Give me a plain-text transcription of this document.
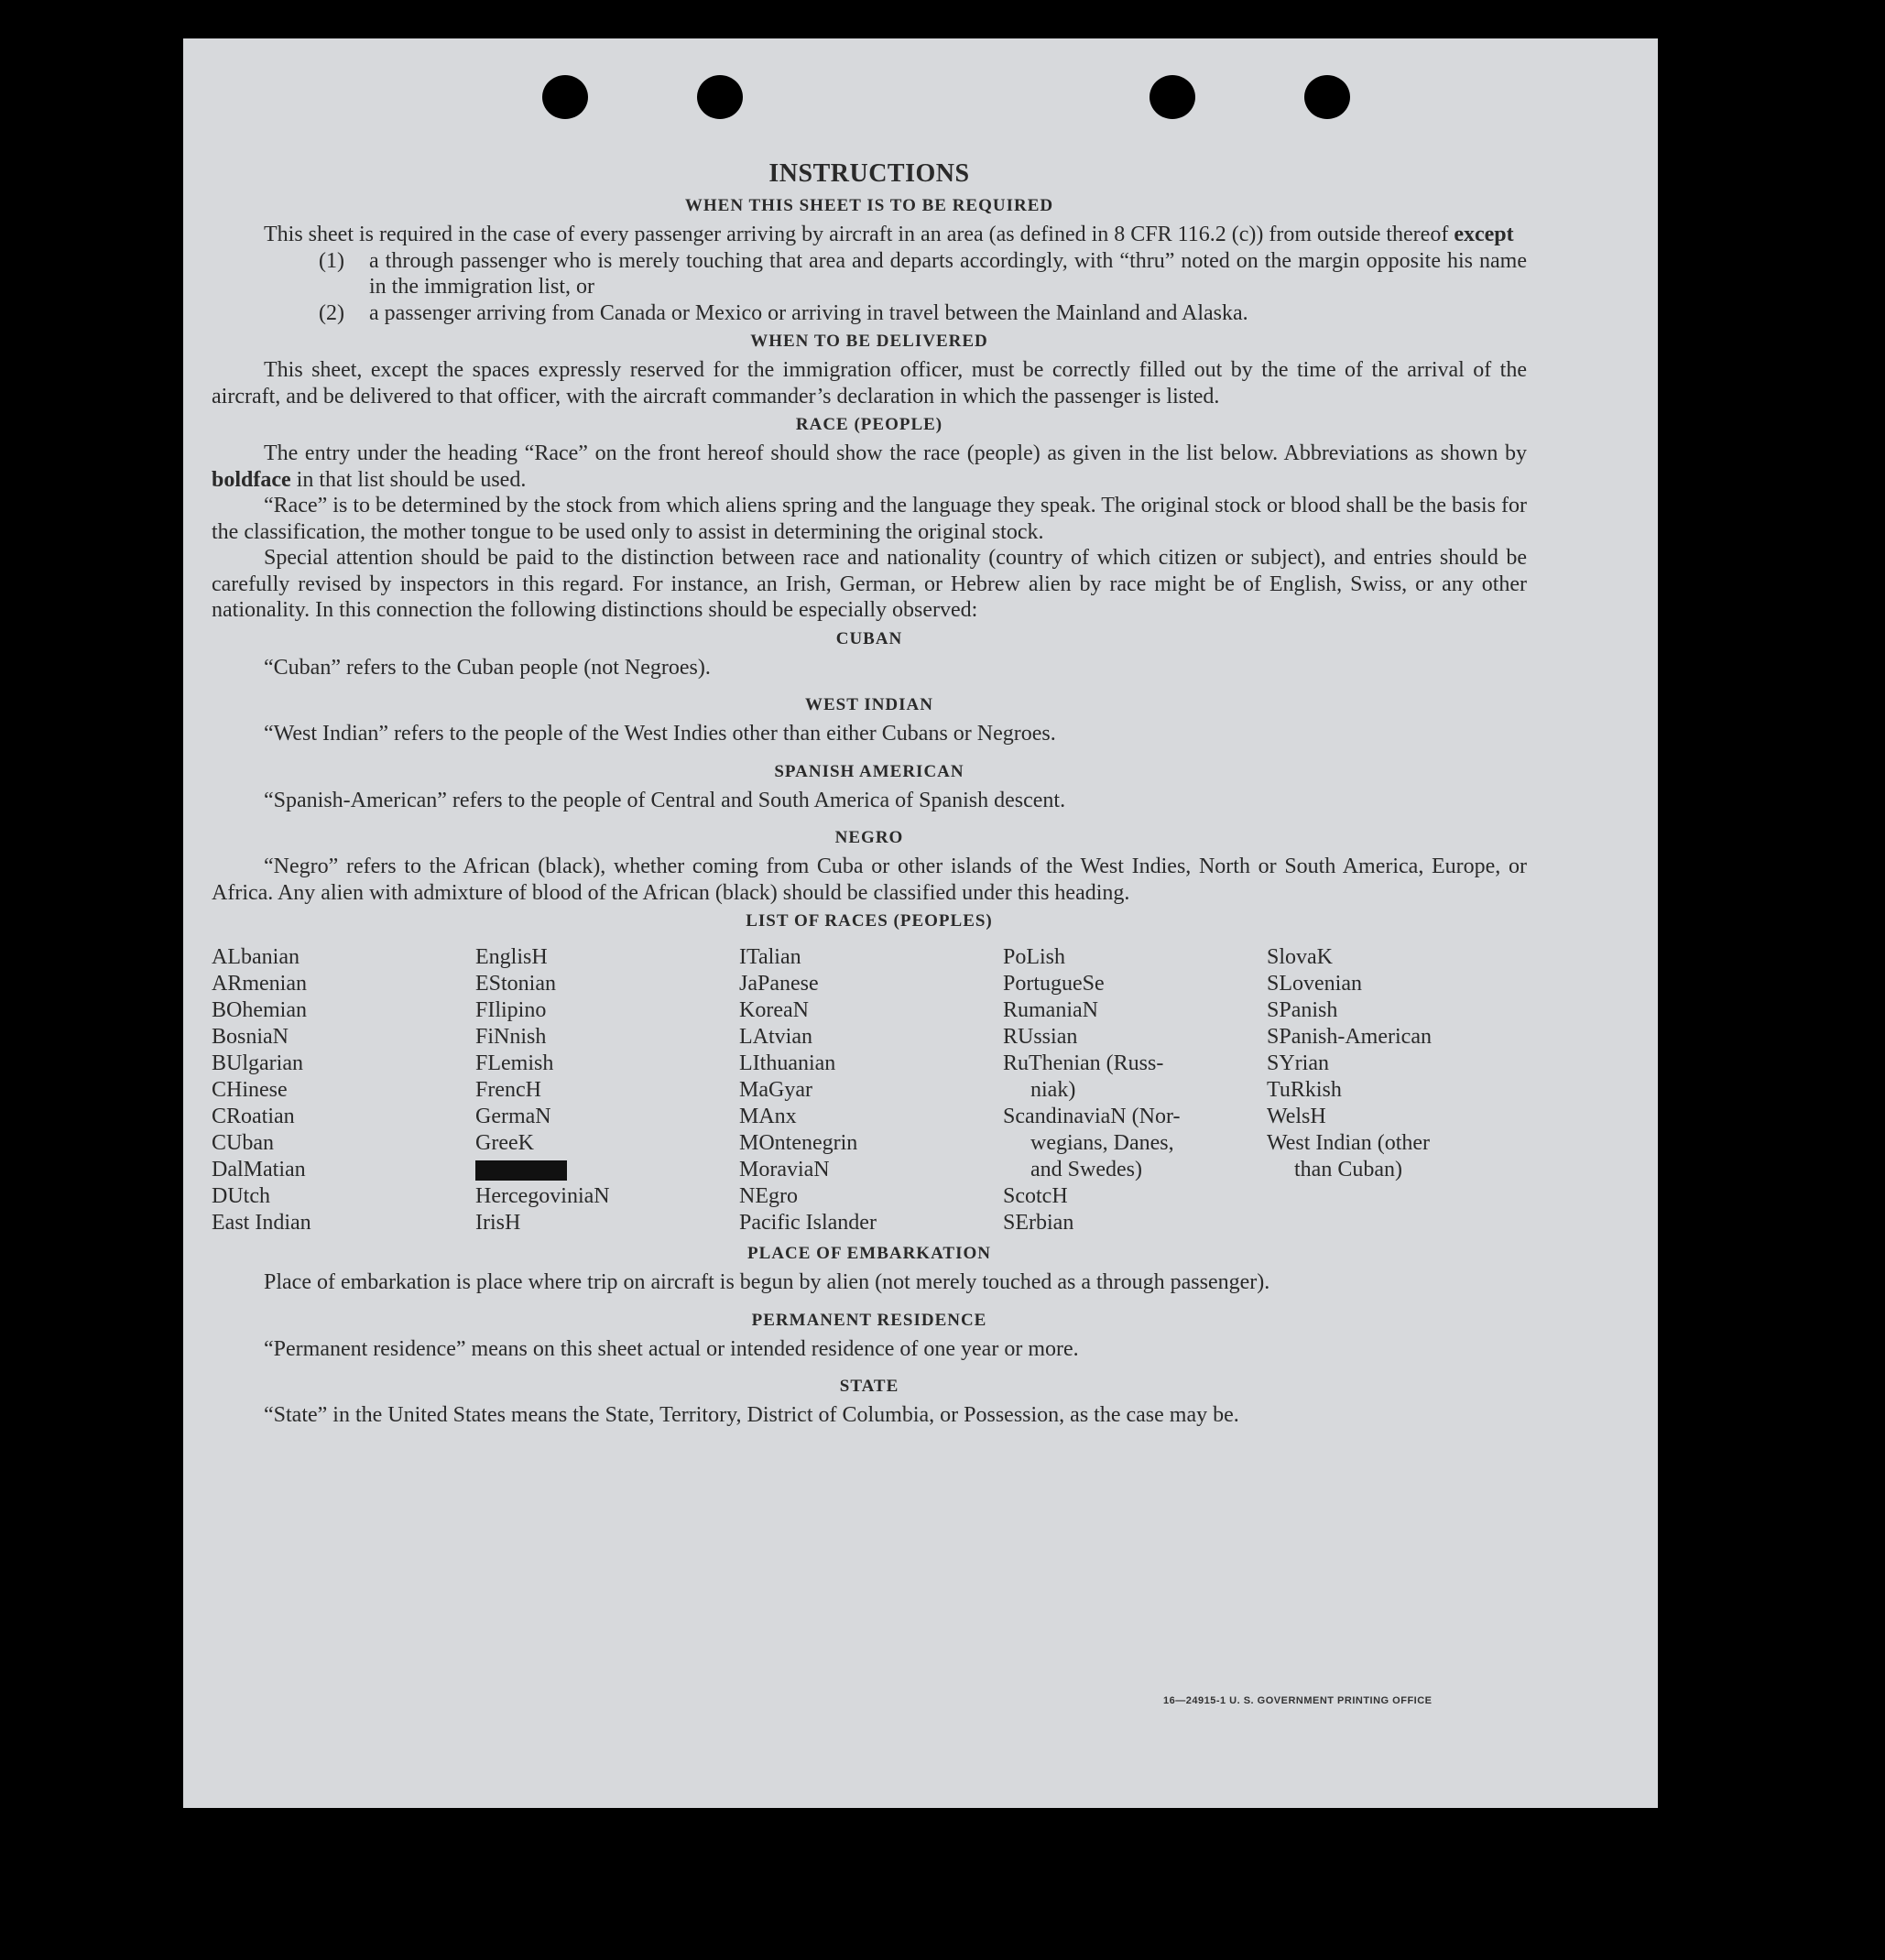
INSTRUCTIONS
WHEN THIS SHEET IS TO BE REQUIRED

This sheet is required in the case of every passenger arriving by aircraft in an area (as defined in 8 CFR 116.2 (c)) from outside thereof except

(1)	a through passenger who is merely touching that area and departs accordingly, with “thru” noted on the margin opposite his name in the immigration list, or
(2)	a passenger arriving from Canada or Mexico or arriving in travel between the Mainland and Alaska.
WHEN TO BE DELIVERED

This sheet, except the spaces expressly reserved for the immigration officer, must be correctly filled out by the time of the arrival of the aircraft, and be delivered to that officer, with the aircraft commander’s declaration in which the passenger is listed.

RACE (PEOPLE)

The entry under the heading “Race” on the front hereof should show the race (people) as given in the list below. Abbreviations as shown by boldface in that list should be used.

“Race” is to be determined by the stock from which aliens spring and the language they speak. The original stock or blood shall be the basis for the classification, the mother tongue to be used only to assist in determining the original stock.

Special attention should be paid to the distinction between race and nationality (country of which citizen or subject), and entries should be carefully revised by inspectors in this regard. For instance, an Irish, German, or Hebrew alien by race might be of English, Swiss, or any other nationality. In this connection the following distinctions should be especially observed:

CUBAN

“Cuban” refers to the Cuban people (not Negroes).

WEST INDIAN

“West Indian” refers to the people of the West Indies other than either Cubans or Negroes.

SPANISH AMERICAN

“Spanish-American” refers to the people of Central and South America of Spanish descent.

NEGRO

“Negro” refers to the African (black), whether coming from Cuba or other islands of the West Indies, North or South America, Europe, or Africa. Any alien with admixture of blood of the African (black) should be classified under this heading.

LIST OF RACES (PEOPLES)
ALbanian
ARmenian
BOhemian
BosniaN
BUlgarian
CHinese
CRoatian
CUban
DalMatian
DUtch
East Indian
EnglisH
EStonian
FIlipino
FiNnish
FLemish
FrencH
GermaN
GreeK
HercegoviniaN
IrisH
ITalian
JaPanese
KoreaN
LAtvian
LIthuanian
MaGyar
MAnx
MOntenegrin
MoraviaN
NEgro
Pacific Islander
PoLish
PortugueSe
RumaniaN
RUssian
RuThenian (Russ-
niak)
ScandinaviaN (Nor-
wegians, Danes,
and Swedes)
ScotcH
SErbian
SlovaK
SLovenian
SPanish
SPanish-American
SYrian
TuRkish
WelsH
West Indian (other
than Cuban)
PLACE OF EMBARKATION

Place of embarkation is place where trip on aircraft is begun by alien (not merely touched as a through passenger).

PERMANENT RESIDENCE

“Permanent residence” means on this sheet actual or intended residence of one year or more.

STATE

“State” in the United States means the State, Territory, District of Columbia, or Possession, as the case may be.

16—24915-1 U. S. GOVERNMENT PRINTING OFFICE
